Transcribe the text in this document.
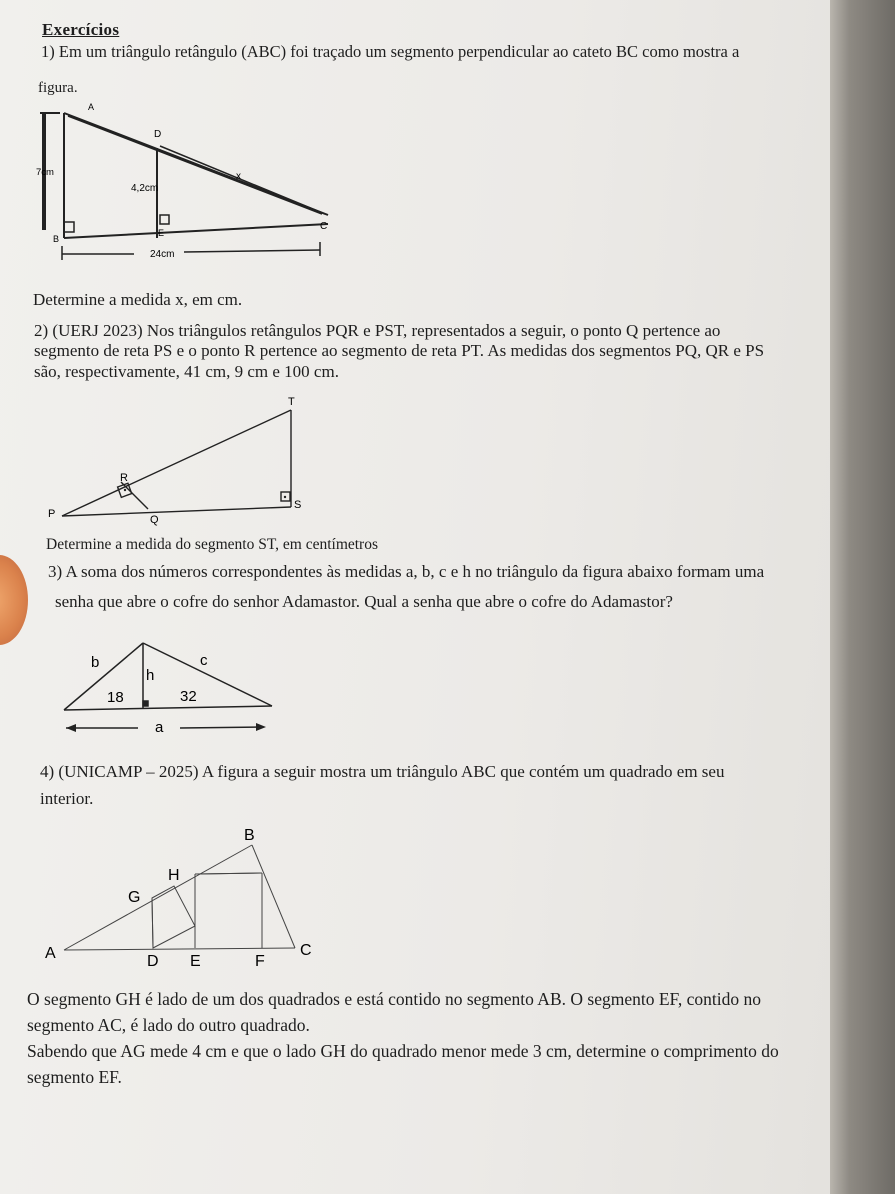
Exercícios
1) Em um triângulo retângulo (ABC) foi traçado um segmento perpendicular ao cateto BC como mostra a
figura.
A
D
x
7cm
4,2cm
C
E
B
24cm
Determine a medida x, em cm.
2) (UERJ 2023) Nos triângulos retângulos PQR e PST, representados a seguir, o ponto Q pertence ao
segmento de reta PS e o ponto R pertence ao segmento de reta PT. As medidas dos segmentos PQ, QR e PS
são, respectivamente, 41 cm, 9 cm e 100 cm.
T
R
S
P	Q
Determine a medida do segmento ST, em centímetros
3) A soma dos números correspondentes às medidas a, b, c e h no triângulo da figura abaixo formam uma
senha que abre o cofre do senhor Adamastor. Qual a senha que abre o cofre do Adamastor?
b
h
c
18	32
a
4) (UNICAMP – 2025) A figura a seguir mostra um triângulo ABC que contém um quadrado em seu
interior.
B
H
G
A	C
D E	F
O segmento GH é lado de um dos quadrados e está contido no segmento AB. O segmento EF, contido no
segmento AC, é lado do outro quadrado.
Sabendo que AG mede 4 cm e que o lado GH do quadrado menor mede 3 cm, determine o comprimento do
segmento EF.
